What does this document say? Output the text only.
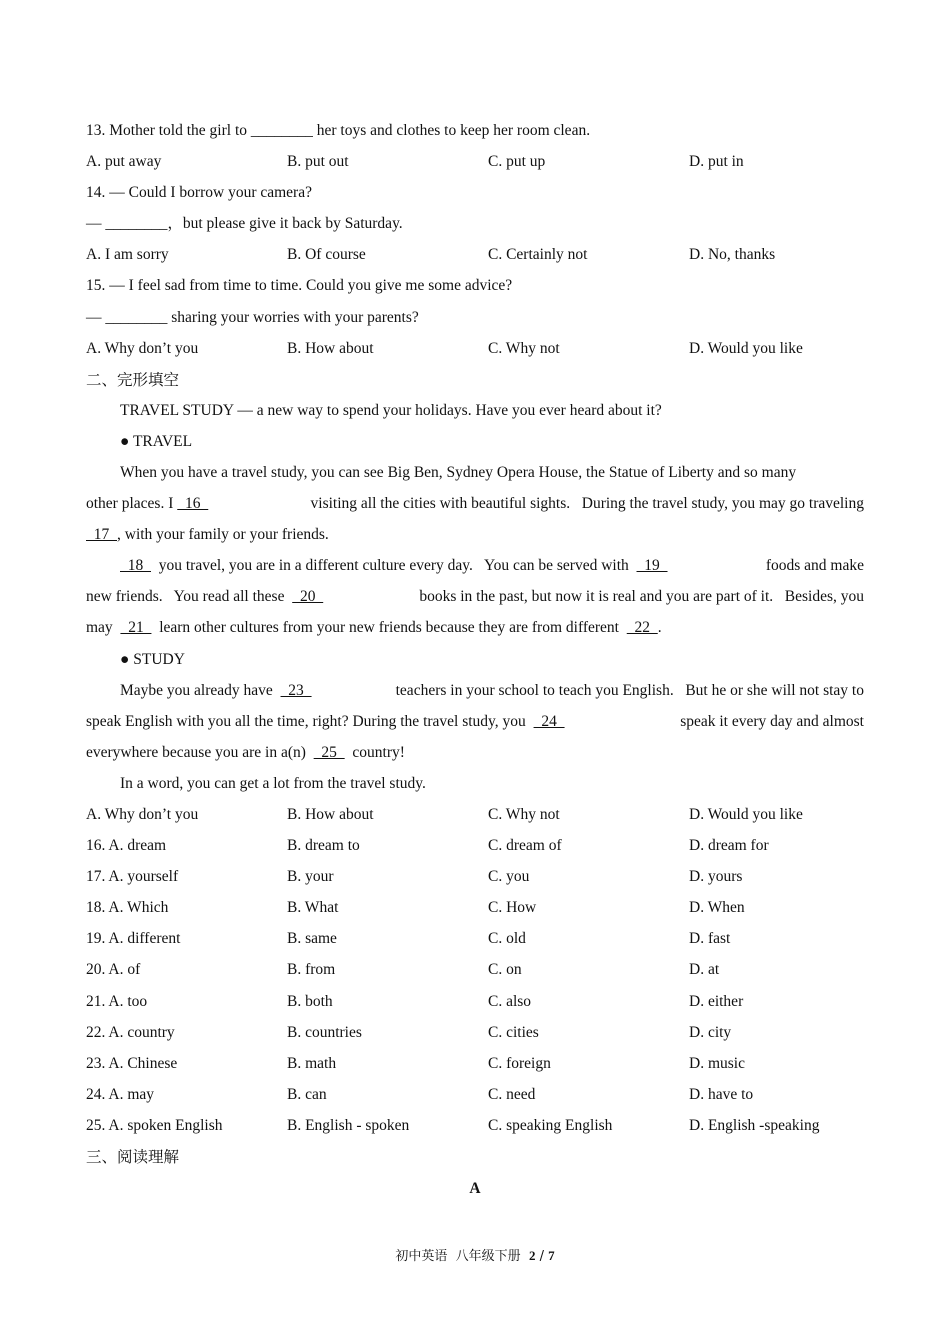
13. Mother told the girl to ________ her toys and clothes to keep her room clean.
A. put away	B. put out	C. put up	D. put in
14. — Could I borrow your camera?
— ________，but please give it back by Saturday.
A. I am sorry	B. Of course	C. Certainly not	D. No, thanks
15. — I feel sad from time to time. Could you give me some advice?
— ________ sharing your worries with your parents?
A. Why don’t you	B. How about	C. Why not	D. Would you like
二、完形填空
TRAVEL STUDY — a new way to spend your holidays. Have you ever heard about it?
● TRAVEL
When you have a travel study, you can see Big Ben, Sydney Opera House, the Statue of Liberty and so many
other places. I   16	visiting all the cities with beautiful sights.   During the travel study, you may go traveling
17  , with your family or your friends.
18    you travel, you are in a different culture every day.   You can be served with    19	foods and make
new friends.   You read all these    20	books in the past, but now it is real and you are part of it.   Besides, you
may    21    learn other cultures from your new friends because they are from different    22  .
● STUDY
Maybe you already have    23	teachers in your school to teach you English.   But he or she will not stay to
speak English with you all the time, right? During the travel study, you    24	speak it every day and almost
everywhere because you are in a(n)    25    country!
In a word, you can get a lot from the travel study.
A. Why don’t you	B. How about	C. Why not	D. Would you like
16. A. dream	B. dream to	C. dream of	D. dream for
17. A. yourself	B. your	C. you	D. yours
18. A. Which	B. What	C. How	D. When
19. A. different	B. same	C. old	D. fast
20. A. of	B. from	C. on	D. at
21. A. too	B. both	C. also	D. either
22. A. country	B. countries	C. cities	D. city
23. A. Chinese	B. math	C. foreign	D. music
24. A. may	B. can	C. need	D. have to
25. A. spoken English	B. English - spoken	C. speaking English	D. English -speaking
三、阅读理解
A
初中英语  八年级下册  2 / 7
